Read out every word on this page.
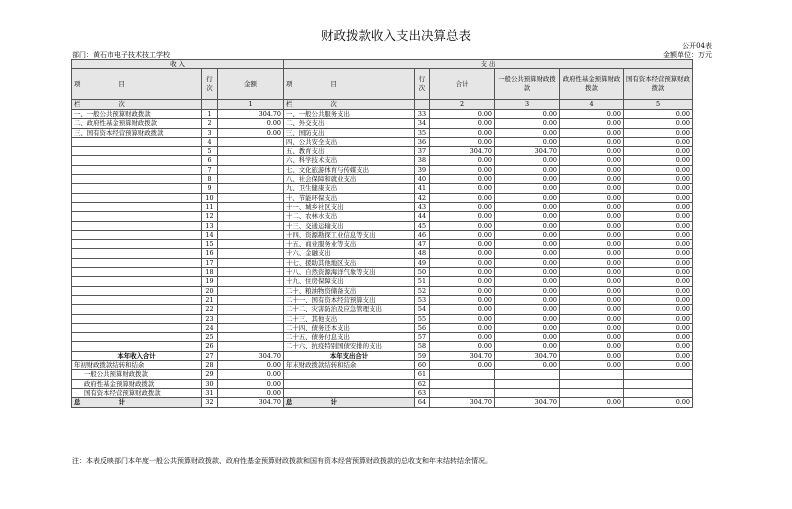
财政拨款收入支出决算总表
公开04表
部门：黄石市电子技术技工学校	金额单位：万元
收 入			支 出					
项 目	行次	金额	项 目	行次	合计	一般公共预算财政拨款	政府性基金预算财政拨款	国有资本经营预算财政拨款
栏 次		1	栏 次		2	3	4	5
一、一般公共预算财政拨款	1	304.70	一、一般公共服务支出	33	0.00	0.00	0.00	0.00
二、政府性基金预算财政拨款	2	0.00	二、外交支出	34	0.00	0.00	0.00	0.00
三、国有资本经营预算财政拨款	3	0.00	三、国防支出	35	0.00	0.00	0.00	0.00
	4		四、公共安全支出	36	0.00	0.00	0.00	0.00
	5		五、教育支出	37	304.70	304.70	0.00	0.00
	6		六、科学技术支出	38	0.00	0.00	0.00	0.00
	7		七、文化旅游体育与传媒支出	39	0.00	0.00	0.00	0.00
	8		八、社会保障和就业支出	40	0.00	0.00	0.00	0.00
	9		九、卫生健康支出	41	0.00	0.00	0.00	0.00
	10		十、节能环保支出	42	0.00	0.00	0.00	0.00
	11		十一、城乡社区支出	43	0.00	0.00	0.00	0.00
	12		十二、农林水支出	44	0.00	0.00	0.00	0.00
	13		十三、交通运输支出	45	0.00	0.00	0.00	0.00
	14		十四、资源勘探工业信息等支出	46	0.00	0.00	0.00	0.00
	15		十五、商业服务业等支出	47	0.00	0.00	0.00	0.00
	16		十六、金融支出	48	0.00	0.00	0.00	0.00
	17		十七、援助其他地区支出	49	0.00	0.00	0.00	0.00
	18		十八、自然资源海洋气象等支出	50	0.00	0.00	0.00	0.00
	19		十九、住房保障支出	51	0.00	0.00	0.00	0.00
	20		二十、粮油物资储备支出	52	0.00	0.00	0.00	0.00
	21		二十一、国有资本经营预算支出	53	0.00	0.00	0.00	0.00
	22		二十二、灾害防治及应急管理支出	54	0.00	0.00	0.00	0.00
	23		二十三、其他支出	55	0.00	0.00	0.00	0.00
	24		二十四、债务还本支出	56	0.00	0.00	0.00	0.00
	25		二十五、债务付息支出	57	0.00	0.00	0.00	0.00
	26		二十六、抗疫特别国债安排的支出	58	0.00	0.00	0.00	0.00
本年收入合计	27	304.70	本年支出合计	59	304.70	304.70	0.00	0.00
年初财政拨款结转和结余	28	0.00	年末财政拨款结转和结余	60	0.00	0.00	0.00	0.00
一般公共预算财政拨款	29	0.00		61				
政府性基金预算财政拨款	30	0.00		62				
国有资本经营预算财政拨款	31	0.00		63				
总 计	32	304.70	总 计	64	304.70	304.70	0.00	0.00
注：本表反映部门本年度一般公共预算财政拨款、政府性基金预算财政拨款和国有资本经营预算财政拨款的总收支和年末结转结余情况。
